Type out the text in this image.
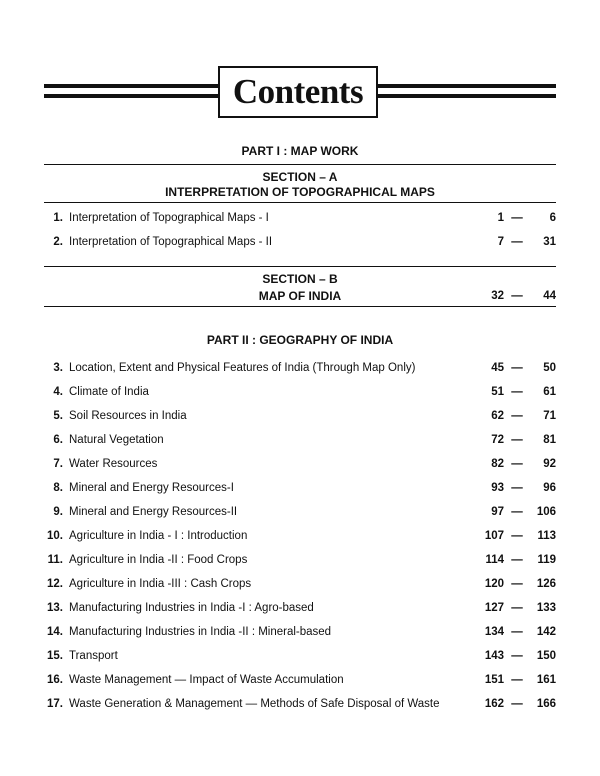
Contents
PART I : MAP WORK
SECTION – A
INTERPRETATION OF TOPOGRAPHICAL MAPS
1. Interpretation of Topographical Maps - I	1 —	6
2. Interpretation of Topographical Maps - II	7 —	31
SECTION – B
MAP OF INDIA	32 —	44
PART II : GEOGRAPHY OF INDIA
3. Location, Extent and Physical Features of India (Through Map Only)	45 —	50
4. Climate of India	51 —	61
5. Soil Resources in India	62 —	71
6. Natural Vegetation	72 —	81
7. Water Resources	82 —	92
8. Mineral and Energy Resources-I	93 —	96
9. Mineral and Energy Resources-II	97 —	106
10. Agriculture in India - I : Introduction	107 —	113
11. Agriculture in India -II : Food Crops	114 —	119
12. Agriculture in India -III : Cash Crops	120 —	126
13. Manufacturing Industries in India -I : Agro-based	127 —	133
14. Manufacturing Industries in India -II : Mineral-based	134 —	142
15. Transport	143 —	150
16. Waste Management — Impact of Waste Accumulation	151 —	161
17. Waste Generation & Management — Methods of Safe Disposal of Waste	162 —	166
